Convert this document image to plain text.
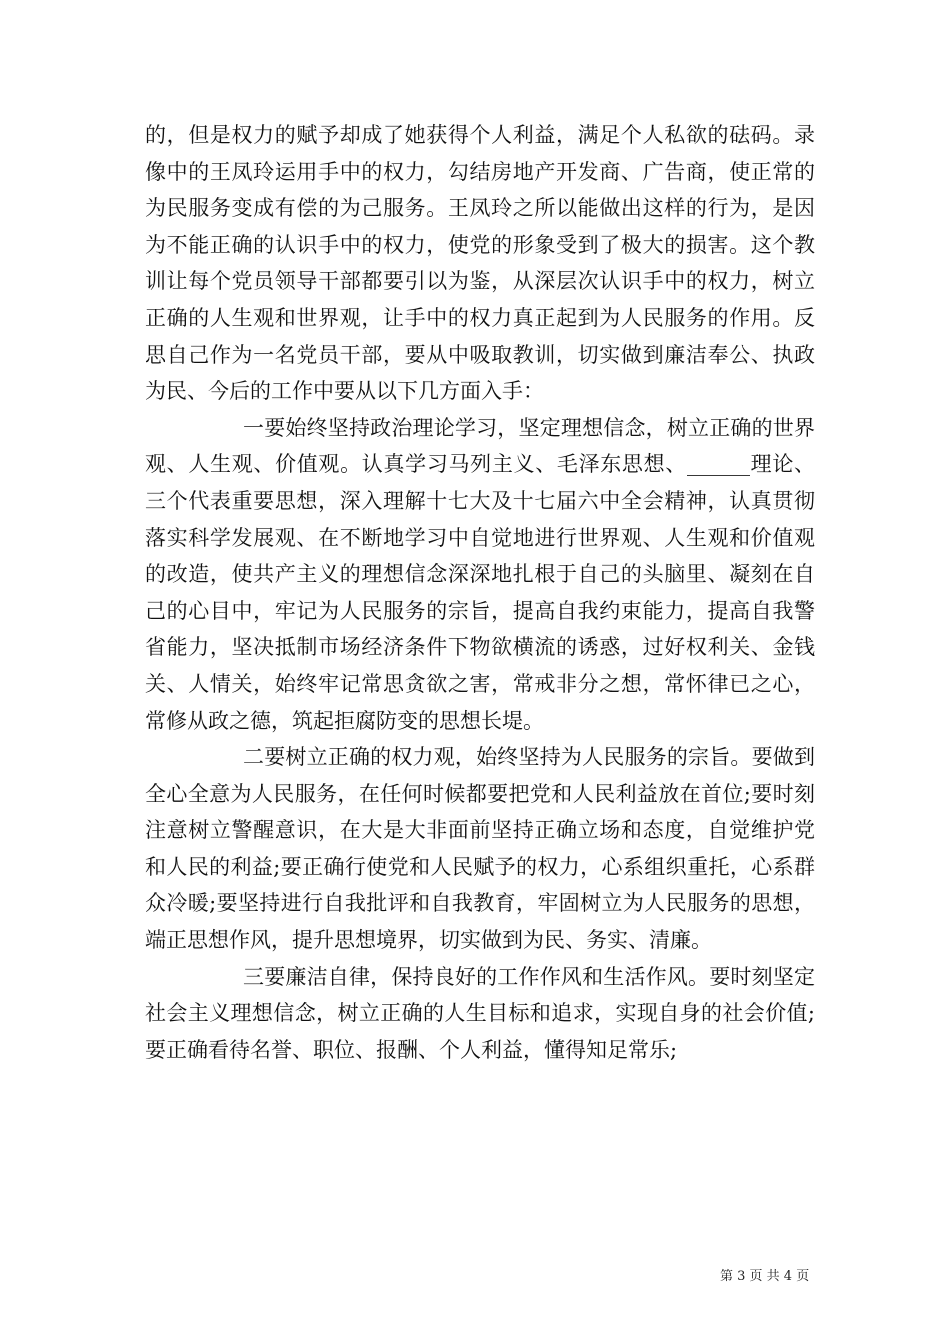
的，但是权力的赋予却成了她获得个人利益，满足个人私欲的砝码。录像中的王凤玲运用手中的权力，勾结房地产开发商、广告商，使正常的为民服务变成有偿的为己服务。王凤玲之所以能做出这样的行为，是因为不能正确的认识手中的权力，使党的形象受到了极大的损害。这个教训让每个党员领导干部都要引以为鉴，从深层次认识手中的权力，树立正确的人生观和世界观，让手中的权力真正起到为人民服务的作用。反思自己作为一名党员干部，要从中吸取教训，切实做到廉洁奉公、执政为民、今后的工作中要从以下几方面入手：

一要始终坚持政治理论学习，坚定理想信念，树立正确的世界观、人生观、价值观。认真学习马列主义、毛泽东思想、______理论、三个代表重要思想，深入理解十七大及十七届六中全会精神，认真贯彻落实科学发展观、在不断地学习中自觉地进行世界观、人生观和价值观的改造，使共产主义的理想信念深深地扎根于自己的头脑里、凝刻在自己的心目中，牢记为人民服务的宗旨，提高自我约束能力，提高自我警省能力，坚决抵制市场经济条件下物欲横流的诱惑，过好权利关、金钱关、人情关，始终牢记常思贪欲之害，常戒非分之想，常怀律已之心，常修从政之德，筑起拒腐防变的思想长堤。

二要树立正确的权力观，始终坚持为人民服务的宗旨。要做到全心全意为人民服务，在任何时候都要把党和人民利益放在首位;要时刻注意树立警醒意识，在大是大非面前坚持正确立场和态度，自觉维护党和人民的利益;要正确行使党和人民赋予的权力，心系组织重托，心系群众冷暖;要坚持进行自我批评和自我教育，牢固树立为人民服务的思想，端正思想作风，提升思想境界，切实做到为民、务实、清廉。

三要廉洁自律，保持良好的工作作风和生活作风。要时刻坚定社会主义理想信念，树立正确的人生目标和追求，实现自身的社会价值;要正确看待名誉、职位、报酬、个人利益，懂得知足常乐;

第 3 页 共 4 页
